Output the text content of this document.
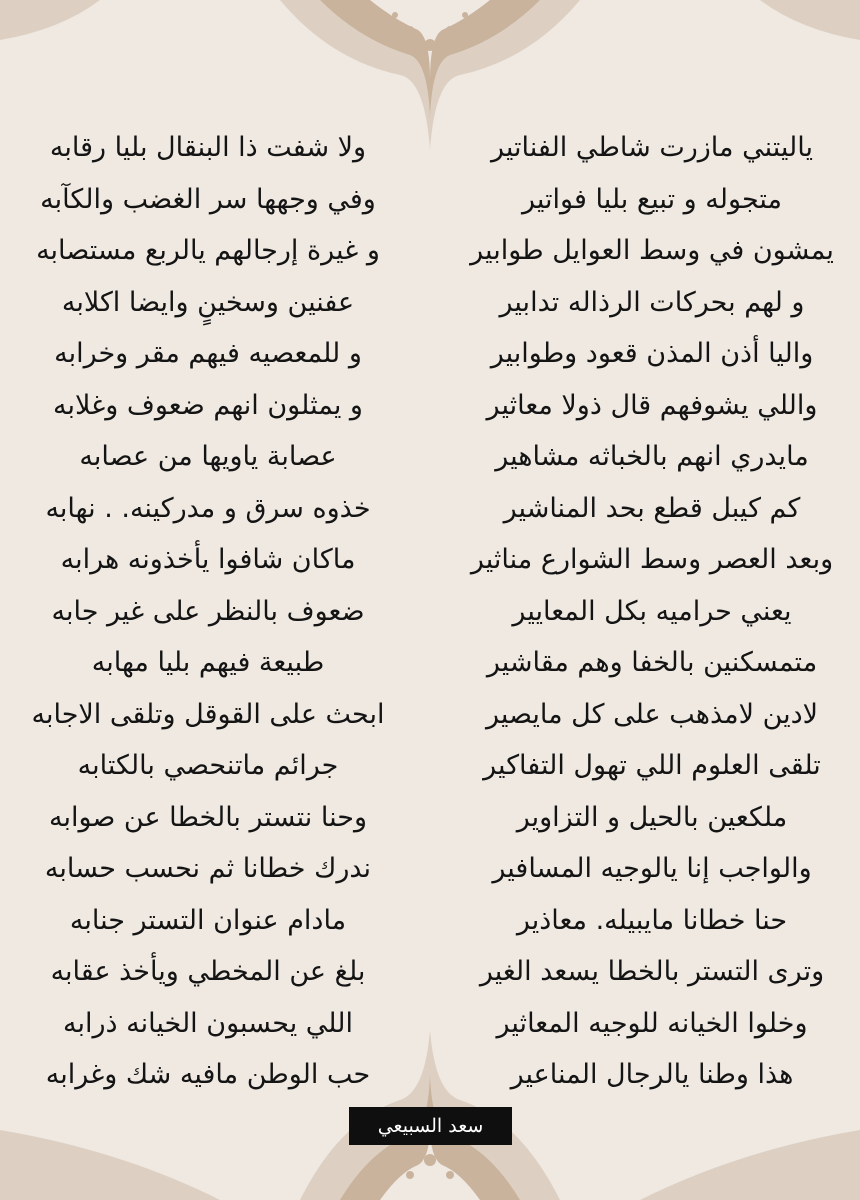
ياليتني مازرت شاطي الفناتير
متجوله و تبيع بليا فواتير
يمشون في وسط العوايل طوابير
و لهم بحركات الرذاله تدابير
واليا أذن المذن قعود وطوابير
واللي يشوفهم قال ذولا معاثير
مايدري انهم بالخباثه مشاهير
كم كيبل قطع بحد المناشير
وبعد العصر وسط الشوارع مناثير
يعني حراميه بكل المعايير
متمسكنين بالخفا وهم مقاشير
لادين لامذهب على كل مايصير
تلقى العلوم اللي تهول التفاكير
ملكعين بالحيل و التزاوير
والواجب إنا يالوجيه المسافير
حنا خطانا مايبيله. معاذير
وترى التستر بالخطا يسعد الغير
وخلوا الخيانه للوجيه المعاثير
هذا وطنا يالرجال المناعير
ولا شفت ذا البنقال بليا رقابه
وفي وجهها سر الغضب والكآبه
و غيرة إرجالهم يالربع مستصابه
عفنين وسخينٍ وايضا اكلابه
و للمعصيه فيهم مقر وخرابه
و يمثلون انهم ضعوف وغلابه
عصابة ياويها من عصابه
خذوه سرق و مدركينه. . نهابه
ماكان شافوا يأخذونه هرابه
ضعوف بالنظر على غير جابه
طبيعة فيهم بليا مهابه
ابحث على القوقل وتلقى الاجابه
جرائم ماتنحصي بالكتابه
وحنا نتستر بالخطا عن صوابه
ندرك خطانا ثم نحسب حسابه
مادام عنوان التستر جنابه
بلغ عن المخطي ويأخذ عقابه
اللي يحسبون الخيانه ذرابه
حب الوطن مافيه شك وغرابه
سعد السبيعي
